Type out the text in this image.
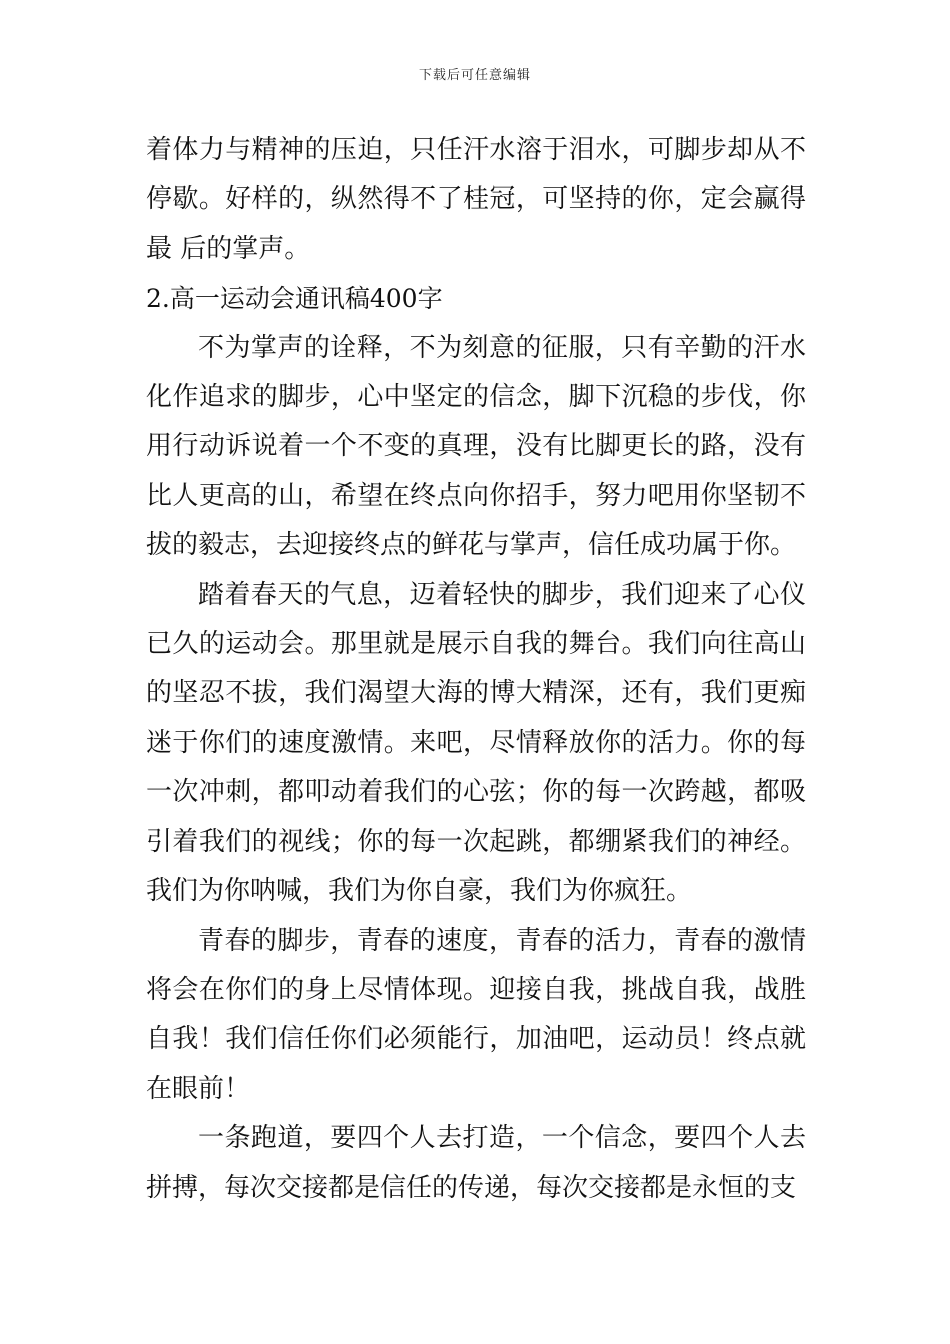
下载后可任意编辑

着体力与精神的压迫，只任汗水溶于泪水，可脚步却从不停歇。好样的，纵然得不了桂冠，可坚持的你，定会赢得最 后的掌声。

2.高一运动会通讯稿400字

不为掌声的诠释，不为刻意的征服，只有辛勤的汗水化作追求的脚步，心中坚定的信念，脚下沉稳的步伐，你用行动诉说着一个不变的真理，没有比脚更长的路，没有比人更高的山，希望在终点向你招手，努力吧用你坚韧不拔的毅志，去迎接终点的鲜花与掌声，信任成功属于你。

踏着春天的气息，迈着轻快的脚步，我们迎来了心仪已久的运动会。那里就是展示自我的舞台。我们向往高山的坚忍不拔，我们渴望大海的博大精深，还有，我们更痴迷于你们的速度激情。来吧，尽情释放你的活力。你的每一次冲刺，都叩动着我们的心弦；你的每一次跨越，都吸引着我们的视线；你的每一次起跳，都绷紧我们的神经。我们为你呐喊，我们为你自豪，我们为你疯狂。

青春的脚步，青春的速度，青春的活力，青春的激情将会在你们的身上尽情体现。迎接自我，挑战自我，战胜自我！我们信任你们必须能行，加油吧，运动员！终点就在眼前！

一条跑道，要四个人去打造，一个信念，要四个人去拼搏，每次交接都是信任的传递，每次交接都是永恒的支
